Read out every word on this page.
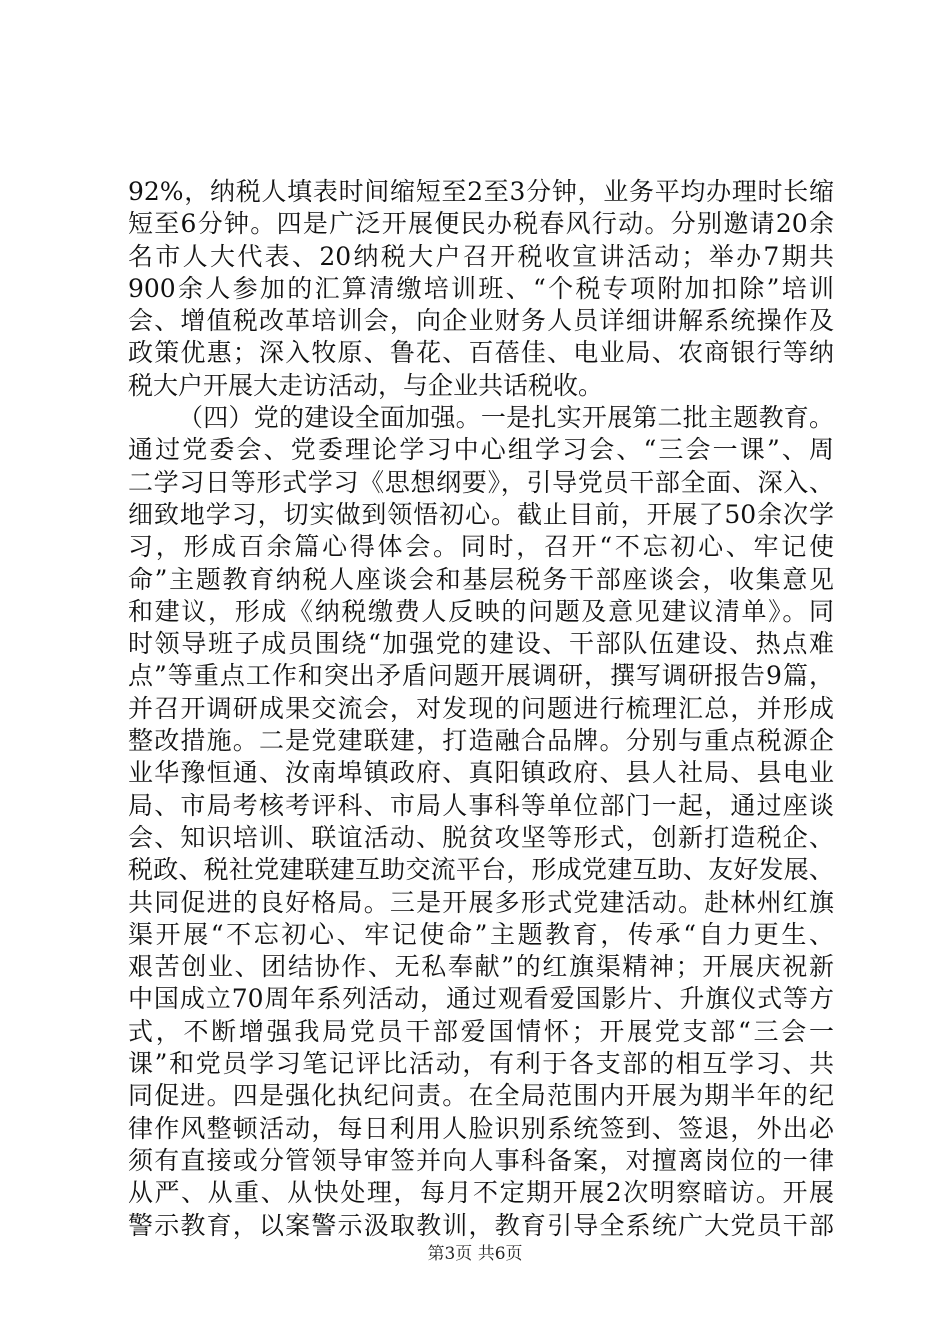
92%，纳税人填表时间缩短至2至3分钟，业务平均办理时长缩
短至6分钟。四是广泛开展便民办税春风行动。分别邀请20余
名市人大代表、20纳税大户召开税收宣讲活动；举办7期共
900余人参加的汇算清缴培训班、“个税专项附加扣除”培训
会、增值税改革培训会，向企业财务人员详细讲解系统操作及
政策优惠；深入牧原、鲁花、百蓓佳、电业局、农商银行等纳
税大户开展大走访活动，与企业共话税收。
（四）党的建设全面加强。一是扎实开展第二批主题教育。
通过党委会、党委理论学习中心组学习会、“三会一课”、周
二学习日等形式学习《思想纲要》，引导党员干部全面、深入、
细致地学习，切实做到领悟初心。截止目前，开展了50余次学
习，形成百余篇心得体会。同时，召开“不忘初心、牢记使
命”主题教育纳税人座谈会和基层税务干部座谈会，收集意见
和建议，形成《纳税缴费人反映的问题及意见建议清单》。同
时领导班子成员围绕“加强党的建设、干部队伍建设、热点难
点”等重点工作和突出矛盾问题开展调研，撰写调研报告9篇，
并召开调研成果交流会，对发现的问题进行梳理汇总，并形成
整改措施。二是党建联建，打造融合品牌。分别与重点税源企
业华豫恒通、汝南埠镇政府、真阳镇政府、县人社局、县电业
局、市局考核考评科、市局人事科等单位部门一起，通过座谈
会、知识培训、联谊活动、脱贫攻坚等形式，创新打造税企、
税政、税社党建联建互助交流平台，形成党建互助、友好发展、
共同促进的良好格局。三是开展多形式党建活动。赴林州红旗
渠开展“不忘初心、牢记使命”主题教育，传承“自力更生、
艰苦创业、团结协作、无私奉献”的红旗渠精神；开展庆祝新
中国成立70周年系列活动，通过观看爱国影片、升旗仪式等方
式，不断增强我局党员干部爱国情怀；开展党支部“三会一
课”和党员学习笔记评比活动，有利于各支部的相互学习、共
同促进。四是强化执纪问责。在全局范围内开展为期半年的纪
律作风整顿活动，每日利用人脸识别系统签到、签退，外出必
须有直接或分管领导审签并向人事科备案，对擅离岗位的一律
从严、从重、从快处理，每月不定期开展2次明察暗访。开展
警示教育，以案警示汲取教训，教育引导全系统广大党员干部
第3页 共6页
